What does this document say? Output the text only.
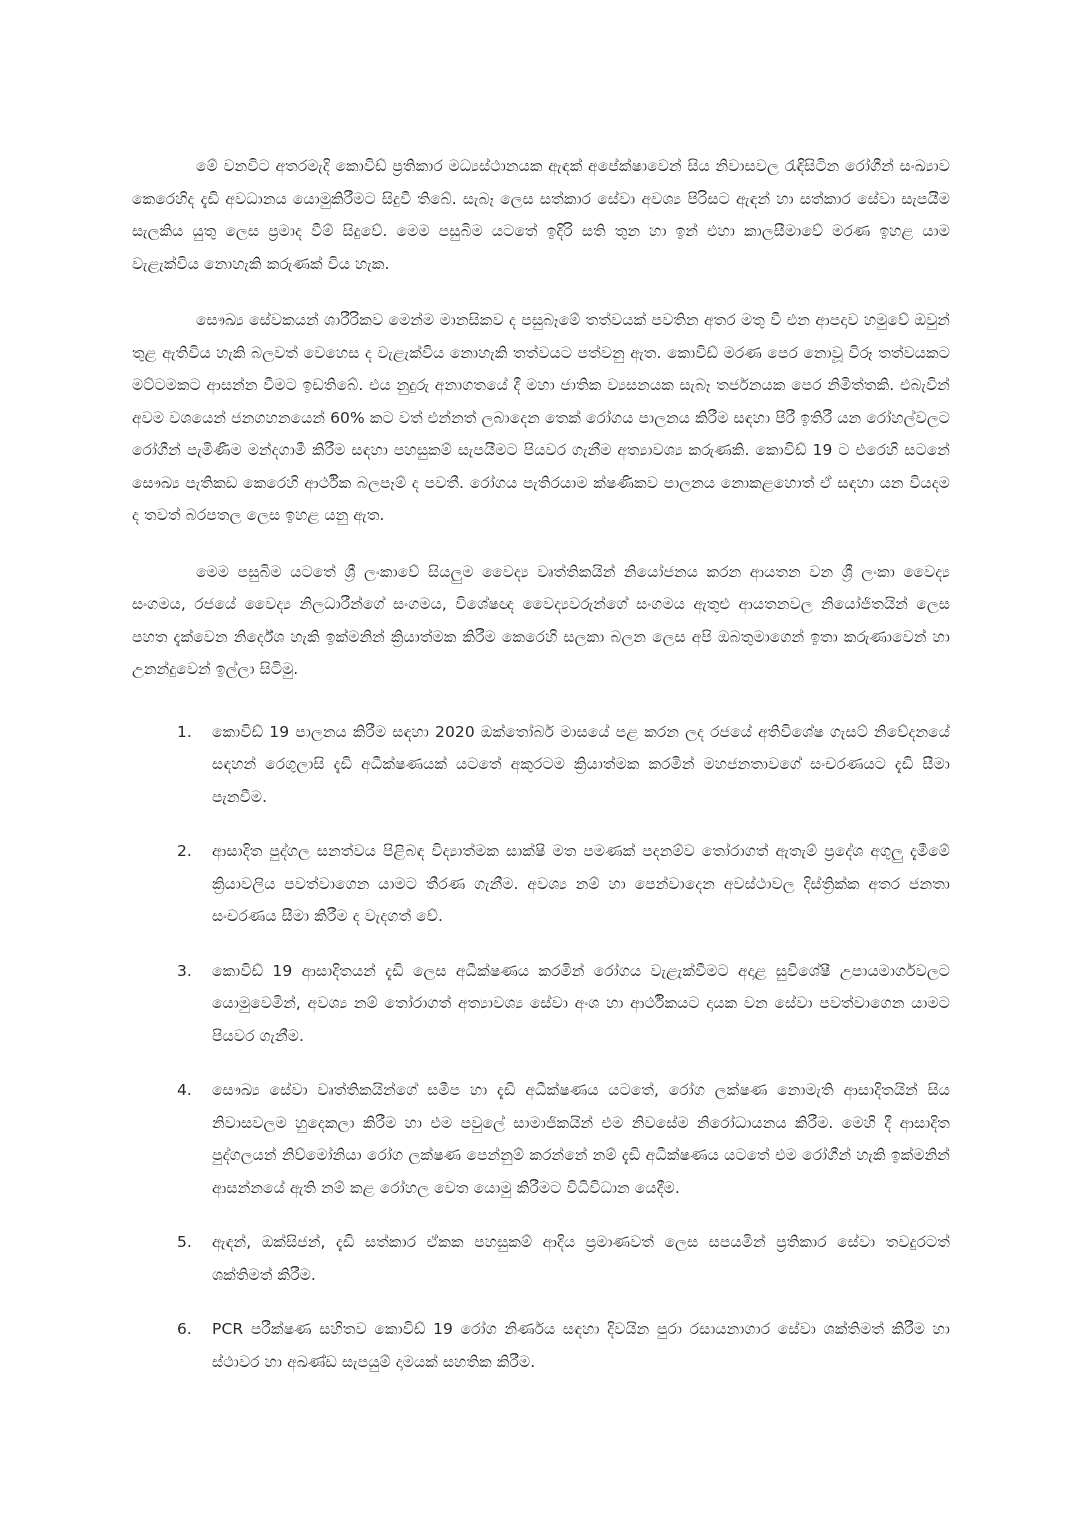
මේ වනවිට අතරමැදි කොවිඩ් ප්‍රතිකාර මධ්‍යස්ථානයක ඇඳක් අපේක්ෂාවෙන් සිය නිවාසවල රැඳිසිටින රෝගීන් සංඛ්‍යාව කෙරෙහිද දැඩි අවධානය යොමුකිරීමට සිදුවී තිබේ. සැබෑ ලෙස සත්කාර සේවා අවශ්‍ය පිරිසට ඇඳන් හා සත්කාර සේවා සැපයීම සැලකිය යුතු ලෙස ප්‍රමාද වීම් සිදුවේ. මෙම පසුබිම යටතේ ඉදිරි සති තුන හා ඉන් එහා කාලසීමාවේ මරණ ඉහළ යාම වැළැක්විය නොහැකි කරුණක් විය හැක.

සෞඛ්‍ය සේවකයන් ශාරීරිකව මෙන්ම මානසිකව ද පසුබෑමේ තත්වයක් පවතින අතර මතු වී එන ආපදාව හමුවේ ඔවුන් තුළ ඇතිවිය හැකි බලවත් වෙහෙස ද වැළැක්විය නොහැකි තත්වයට පත්වනු ඇත. කොවිඩ් මරණ පෙර නොවූ විරූ තත්වයකට මට්ටමකට ආසන්න වීමට ඉඩතිබේ. එය නුදුරු අනාගතයේ දී මහා ජාතික ව්‍යසනයක සැබෑ තර්ජනයක පෙර නිමිත්තකි. එබැවින් අවම වශයෙන් ජනගහනයෙන් 60% කට වත් එන්නත් ලබාදෙන තෙක් රෝගය පාලනය කිරීම සඳහා පිරී ඉතිරී යන රෝහල්වලට රෝගීන් පැමිණීම මන්දගාමී කිරීම සඳහා පහසුකම් සැපයීමට පියවර ගැනීම අත්‍යාවශ්‍ය කරුණකි. කොවිඩ් 19 ට එරෙහි සටනේ සෞඛ්‍ය පැතිකඩ කෙරෙහි ආර්ථික බලපෑම් ද පවතී. රෝගය පැතිරයාම ක්ෂණිකව පාලනය නොකළහොත් ඒ සඳහා යන වියදම ද තවත් බරපතල ලෙස ඉහළ යනු ඇත.

මෙම පසුබිම යටතේ ශ්‍රී ලංකාවේ සියලුම වෛද්‍ය වෘත්තිකයින් නියෝජනය කරන ආයතන වන ශ්‍රී ලංකා වෛද්‍ය සංගමය, රජයේ වෛද්‍ය නිලධාරීන්ගේ සංගමය, විශේෂඥ වෛද්‍යවරුන්ගේ සංගමය ඇතුළු ආයතනවල නියෝජිතයින් ලෙස පහත දැක්වෙන නිර්දේශ හැකි ඉක්මනින් ක්‍රියාත්මක කිරීම කෙරෙහි සලකා බලන ලෙස අපි ඔබතුමාගෙන් ඉතා කරුණාවෙන් හා උනන්දුවෙන් ඉල්ලා සිටිමු.

1.	කොවිඩ් 19 පාලනය කිරීම සඳහා 2020 ඔක්තෝබර් මාසයේ පළ කරන ලද රජයේ අතිවිශේෂ ගැසට් නිවේදනයේ සඳහන් රෙගුලාසි දැඩි අධීක්ෂණයක් යටතේ අකුරටම ක්‍රියාත්මක කරමින් මහජනතාවගේ සංචරණයට දැඩි සීමා පැනවීම.
2.	ආසාදිත පුද්ගල සනත්වය පිළිබඳ විද්‍යාත්මක සාක්ෂි මත පමණක් පදනම්ව තෝරාගත් ඇතැම් ප්‍රදේශ අගුලු දැමීමේ ක්‍රියාවලිය පවත්වාගෙන යාමට තීරණ ගැනීම. අවශ්‍ය නම් හා පෙන්වාදෙන අවස්ථාවල දිස්ත්‍රික්ක අතර ජනතා සංචරණය සීමා කිරීම ද වැදගත් වේ.
3.	කොවිඩ් 19 ආසාදිතයන් දැඩි ලෙස අධීක්ෂණය කරමින් රෝගය වැළැක්වීමට අදාළ සුවිශේෂී උපායමාර්ගවලට යොමුවෙමින්, අවශ්‍ය නම් තෝරාගත් අත්‍යාවශ්‍ය සේවා අංශ හා ආර්ථිකයට දායක වන සේවා පවත්වාගෙන යාමට පියවර ගැනීම.
4.	සෞඛ්‍ය සේවා වෘත්තිකයින්ගේ සමීප හා දැඩි අධීක්ෂණය යටතේ, රෝග ලක්ෂණ නොමැති ආසාදිතයින් සිය නිවාසවලම හුදෙකලා කිරීම හා එම පවුලේ සාමාජිකයින් එම නිවසේම නිරෝධායනය කිරීම. මෙහි දී ආසාදිත පුද්ගලයන් නිව්මෝනියා රෝග ලක්ෂණ පෙන්නුම් කරන්නේ නම් දැඩි අධීක්ෂණය යටතේ එම රෝගීන් හැකි ඉක්මනින් ආසන්නයේ ඇති නම් කළ රෝහල වෙත යොමු කිරීමට විධිවිධාන යෙදීම.
5.	ඇඳන්, ඔක්සිජන්, දැඩි සත්කාර ඒකක පහසුකම් ආදිය ප්‍රමාණවත් ලෙස සපයමින් ප්‍රතිකාර සේවා තවදුරටත් ශක්තිමත් කිරීම.
6.	PCR පරීක්ෂණ සහිතව කොවිඩ් 19 රෝග නිර්ණය සඳහා දිවයින පුරා රසායනාගාර සේවා ශක්තිමත් කිරීම හා ස්ථාවර හා අඛණ්ඩ සැපයුම් දාමයක් සහතික කිරීම.
